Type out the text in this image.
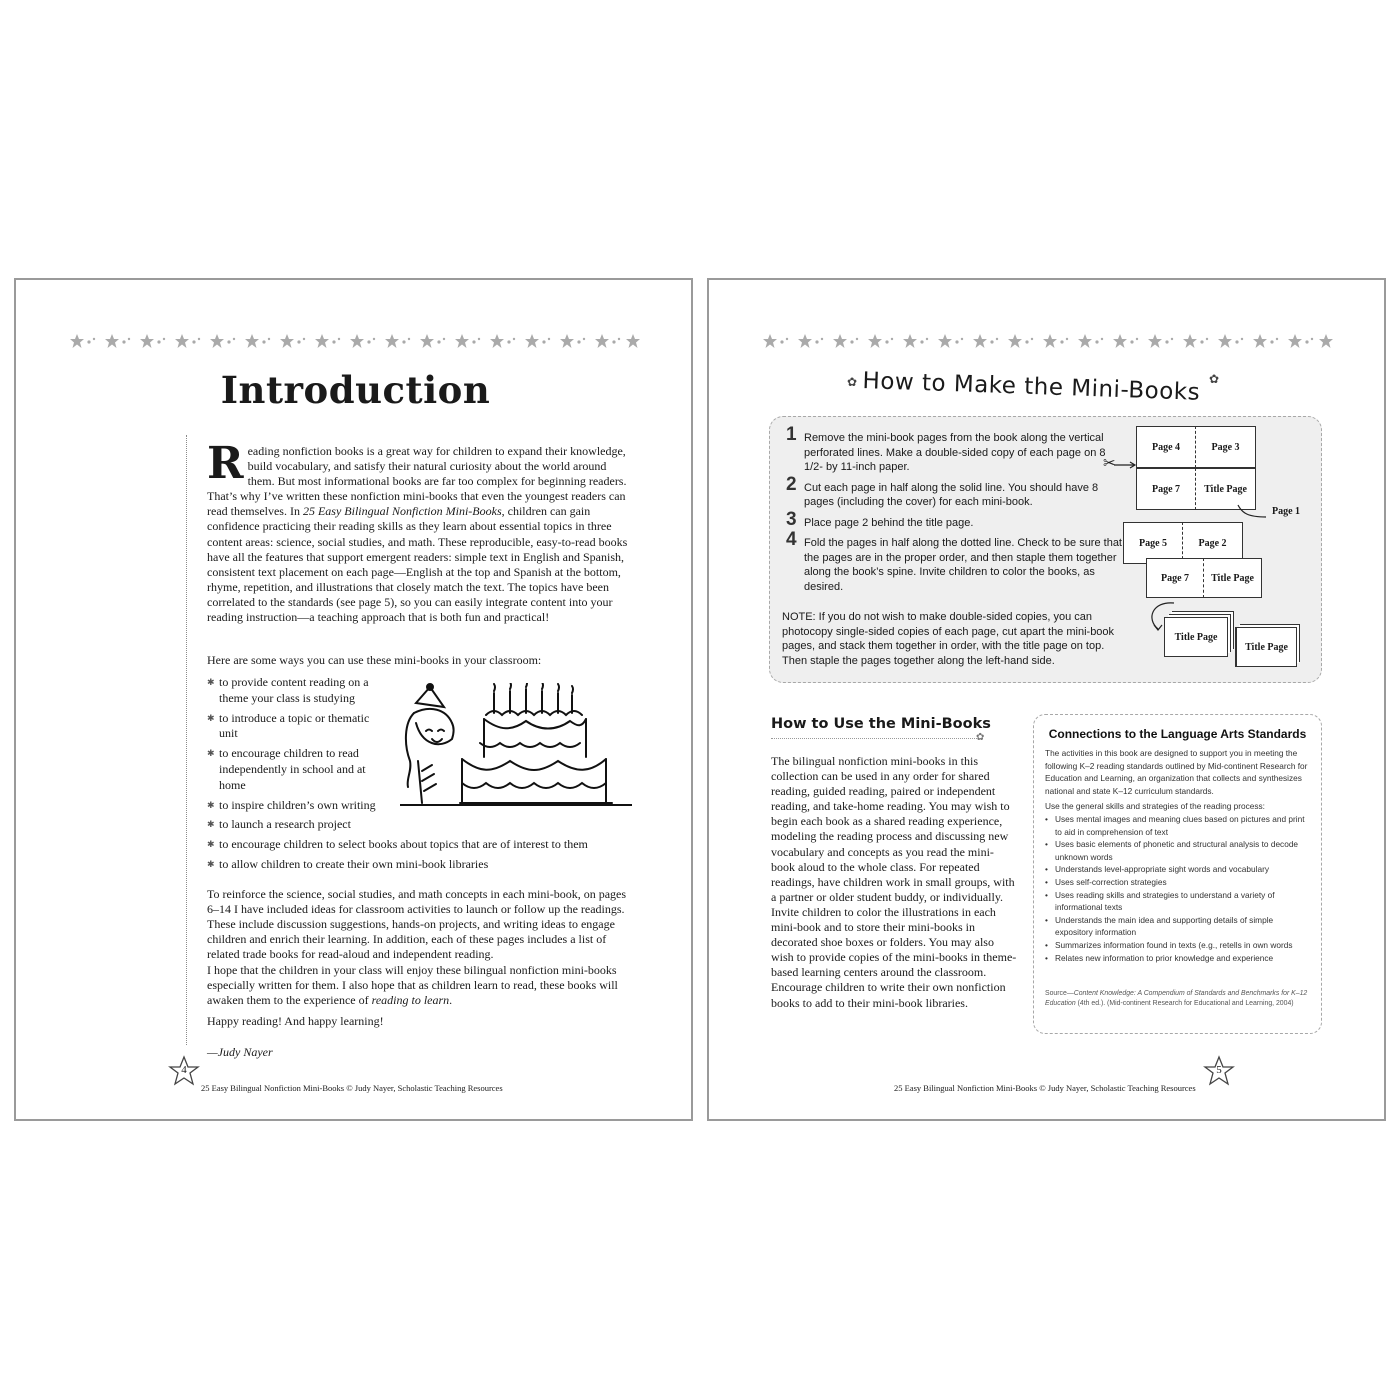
Introduction

Reading nonfiction books is a great way for children to expand their knowledge, build vocabulary, and satisfy their natural curiosity about the world around them. But most informational books are far too complex for beginning readers. That’s why I’ve written these nonfiction mini-books that even the youngest readers can read themselves. In 25 Easy Bilingual Nonfiction Mini-Books, children can gain confidence practicing their reading skills as they learn about essential topics in three content areas: science, social studies, and math. These reproducible, easy-to-read books have all the features that support emergent readers: simple text in English and Spanish, consistent text placement on each page—English at the top and Spanish at the bottom, rhyme, repetition, and illustrations that closely match the text. The topics have been correlated to the standards (see page 5), so you can easily integrate content into your reading instruction—a teaching approach that is both fun and practical!

Here are some ways you can use these mini-books in your classroom:
✱ to provide content reading on a theme your class is studying
✱ to introduce a topic or thematic unit
✱ to encourage children to read independently in school and at home
✱ to inspire children’s own writing
✱ to launch a research project
✱ to encourage children to select books about topics that are of interest to them
✱ to allow children to create their own mini-book libraries
To reinforce the science, social studies, and math concepts in each mini-book, on pages 6–14 I have included ideas for classroom activities to launch or follow up the readings. These include discussion suggestions, hands-on projects, and writing ideas to engage children and enrich their learning. In addition, each of these pages includes a list of related trade books for read-aloud and independent reading.
I hope that the children in your class will enjoy these bilingual nonfiction mini-books especially written for them. I also hope that as children learn to read, these books will awaken them to the experience of reading to learn.
Happy reading! And happy learning!
—Judy Nayer
4
25 Easy Bilingual Nonfiction Mini-Books © Judy Nayer, Scholastic Teaching Resources
✿ How to Make the Mini-Books ✿
1 Remove the mini-book pages from the book along the vertical perforated lines. Make a double-sided copy of each page on 8 1/2- by 11-inch paper.
2 Cut each page in half along the solid line. You should have 8 pages (including the cover) for each mini-book.
3 Place page 2 behind the title page.
4 Fold the pages in half along the dotted line. Check to be sure that the pages are in the proper order, and then staple them together along the book’s spine. Invite children to color the books, as desired.
NOTE: If you do not wish to make double-sided copies, you can photocopy single-sided copies of each page, cut apart the mini-book pages, and stack them together in order, with the title page on top. Then staple the pages together along the left-hand side.
Page 4	Page 3
Page 7	Title Page
✂
Page 1
Page 5	Page 2
Page 7	Title Page
Title Page
Title Page
How to Use the Mini-Books
✿

The bilingual nonfiction mini-books in this collection can be used in any order for shared reading, guided reading, paired or independent reading, and take-home reading. You may wish to begin each book as a shared reading experience, modeling the reading process and discussing new vocabulary and concepts as you read the mini-book aloud to the whole class. For repeated readings, have children work in small groups, with a partner or older student buddy, or individually. Invite children to color the illustrations in each mini-book and to store their mini-books in decorated shoe boxes or folders. You may also wish to provide copies of the mini-books in theme-based learning centers around the classroom. Encourage children to write their own nonfiction books to add to their mini-book libraries.

Connections to the Language Arts Standards

The activities in this book are designed to support you in meeting the following K–2 reading standards outlined by Mid-continent Research for Education and Learning, an organization that collects and synthesizes national and state K–12 curriculum standards.

Use the general skills and strategies of the reading process:

• Uses mental images and meaning clues based on pictures and print to aid in comprehension of text
• Uses basic elements of phonetic and structural analysis to decode unknown words
• Understands level-appropriate sight words and vocabulary
• Uses self-correction strategies
• Uses reading skills and strategies to understand a variety of informational texts
• Understands the main idea and supporting details of simple expository information
• Summarizes information found in texts (e.g., retells in own words
• Relates new information to prior knowledge and experience
Source—Content Knowledge: A Compendium of Standards and Benchmarks for K–12 Education (4th ed.). (Mid-continent Research for Educational and Learning, 2004)
5
25 Easy Bilingual Nonfiction Mini-Books © Judy Nayer, Scholastic Teaching Resources
